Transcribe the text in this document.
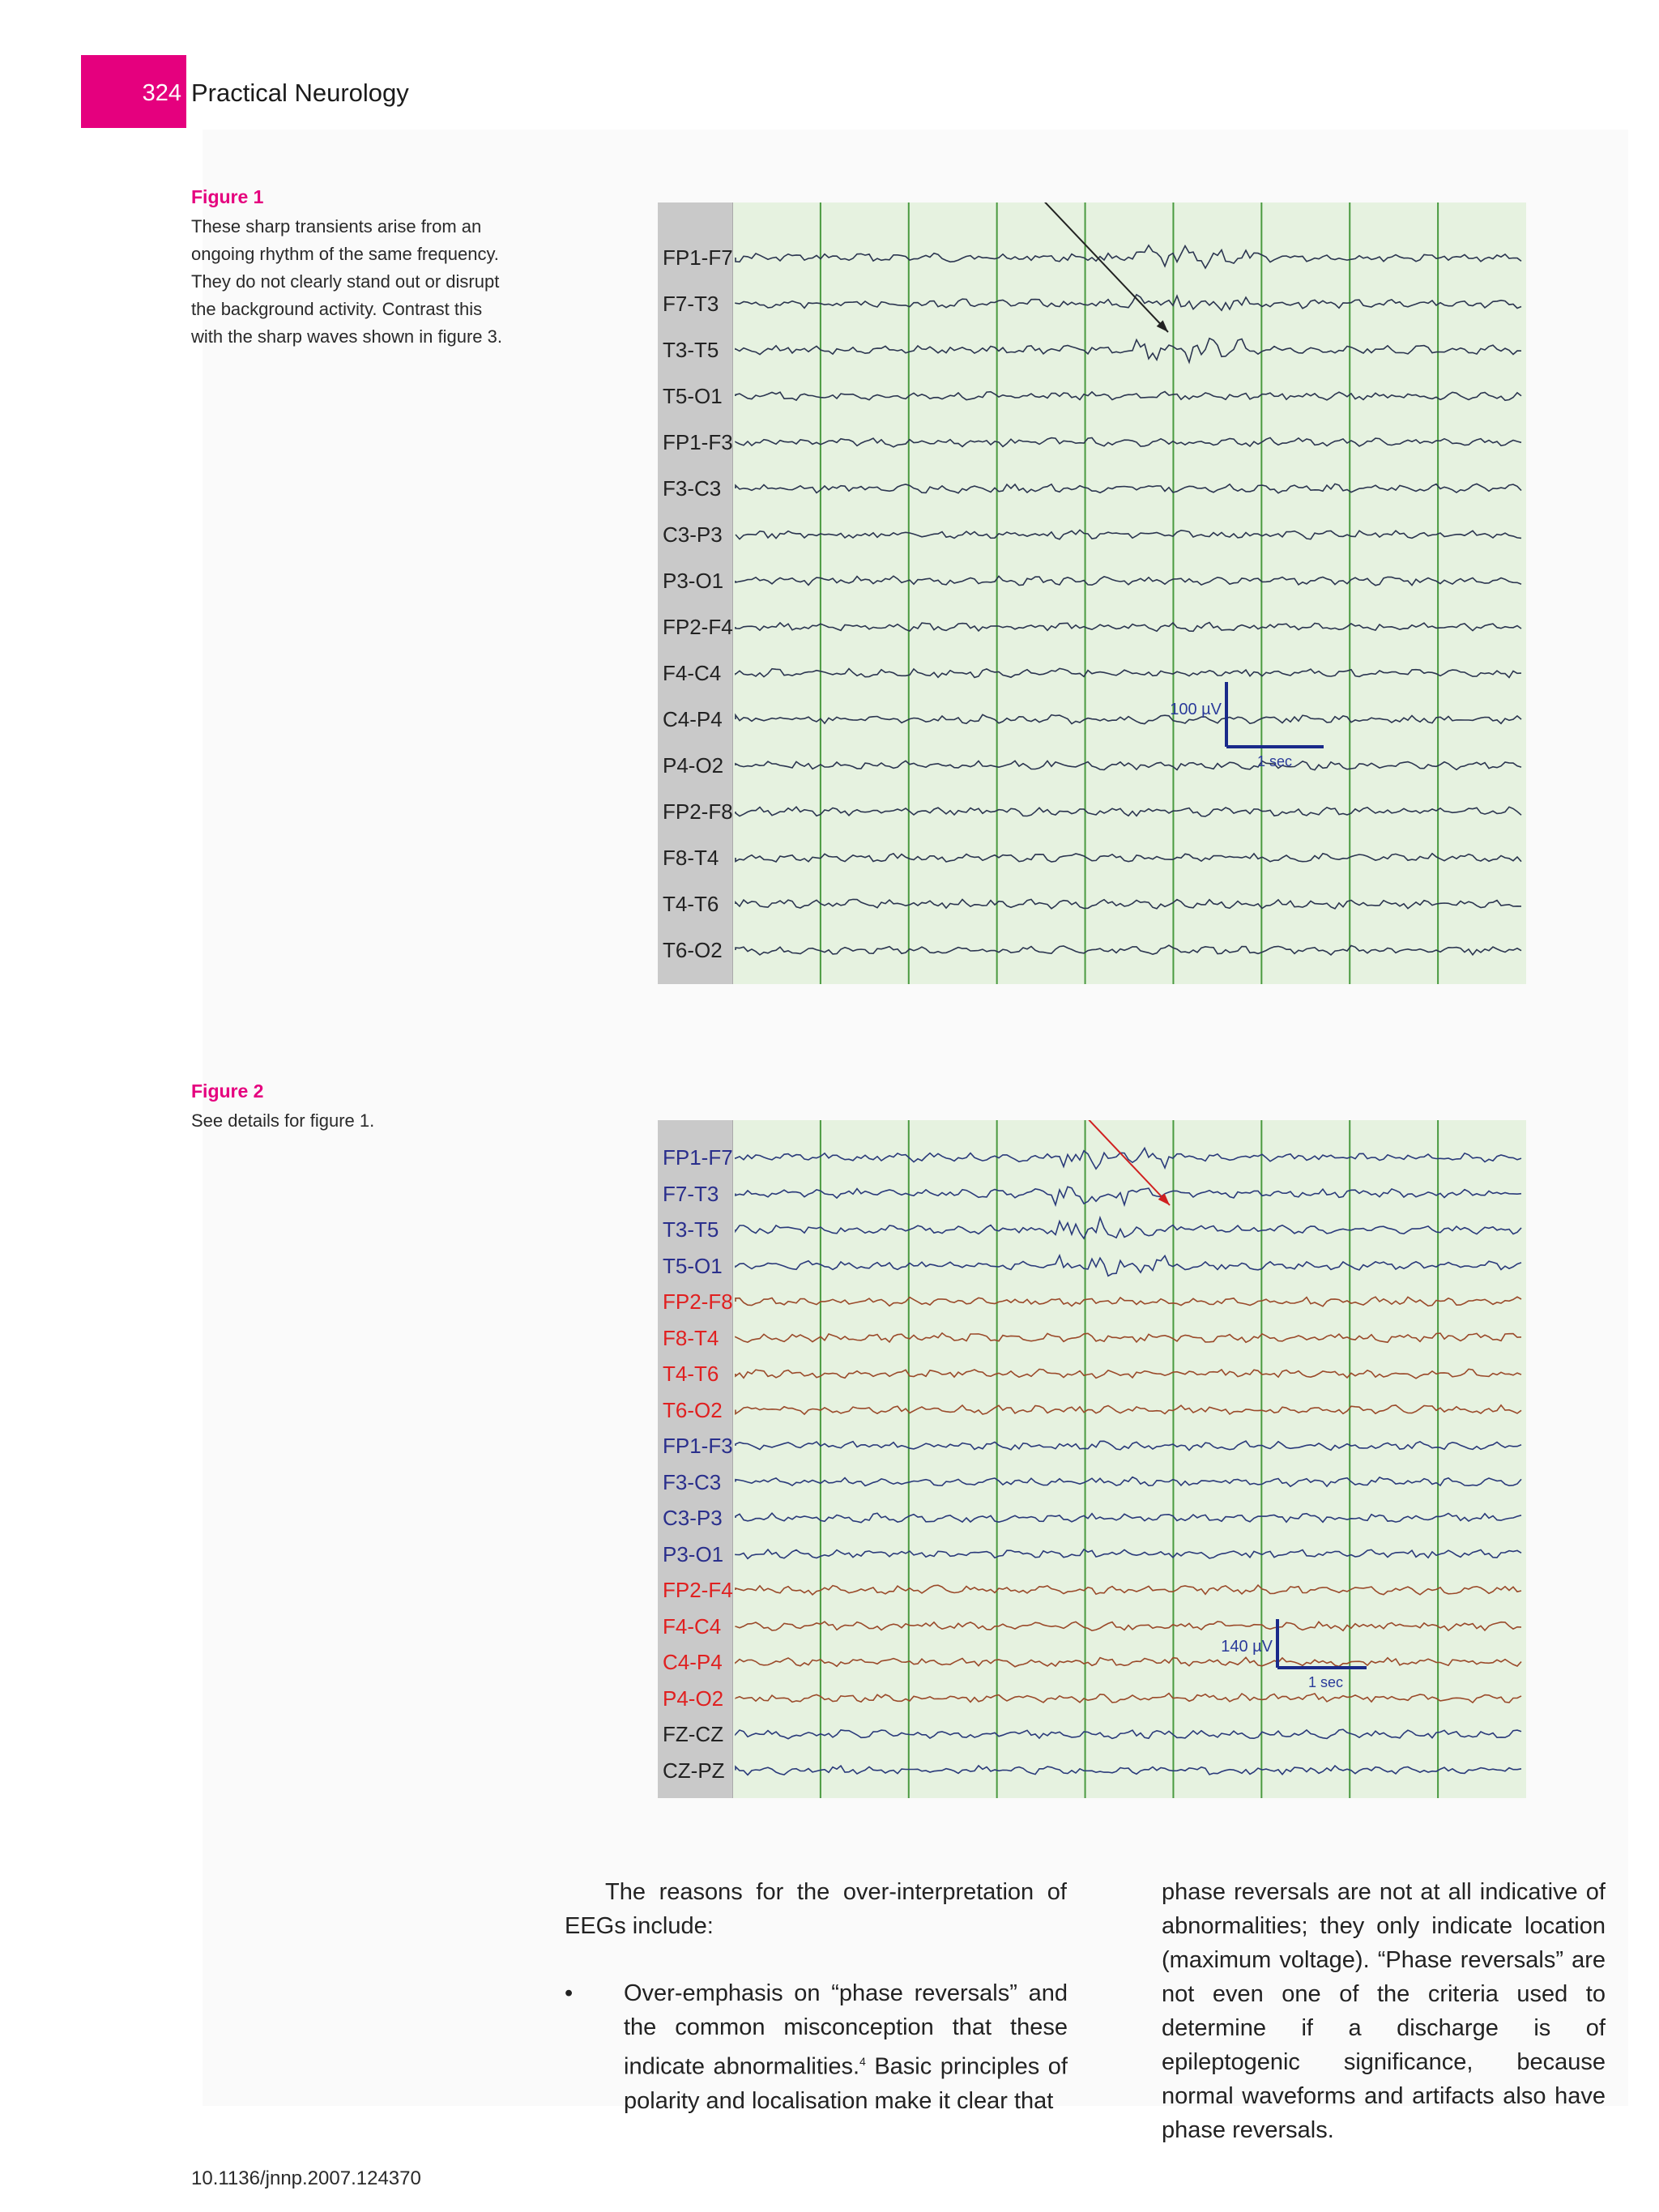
324 Practical Neurology
Figure 1
These sharp transients arise from an
ongoing rhythm of the same frequency.
They do not clearly stand out or disrupt
the background activity. Contrast this
with the sharp waves shown in figure 3.
FP1-F7
F7-T3
T3-T5
T5-O1
FP1-F3
F3-C3
C3-P3
P3-O1
FP2-F4
F4-C4
C4-P4
P4-O2
FP2-F8
F8-T4
T4-T6
T6-O2
100 µV
1 sec
Figure 2
See details for figure 1.
FP1-F7
F7-T3
T3-T5
T5-O1
FP2-F8
F8-T4
T4-T6
T6-O2
FP1-F3
F3-C3
C3-P3
P3-O1
FP2-F4
F4-C4
C4-P4
P4-O2
FZ-CZ
CZ-PZ
140 µV
1 sec
The reasons for the over-interpretation of EEGs include:
•	Over-emphasis on “phase reversals” and the common misconception that these indicate abnormalities.$^4$ Basic principles of polarity and localisation make it clear that
phase reversals are not at all indicative of abnormalities; they only indicate location (maximum voltage). “Phase reversals” are not even one of the criteria used to determine if a discharge is of epileptogenic significance, because normal waveforms and artifacts also have phase reversals.
10.1136/jnnp.2007.124370
